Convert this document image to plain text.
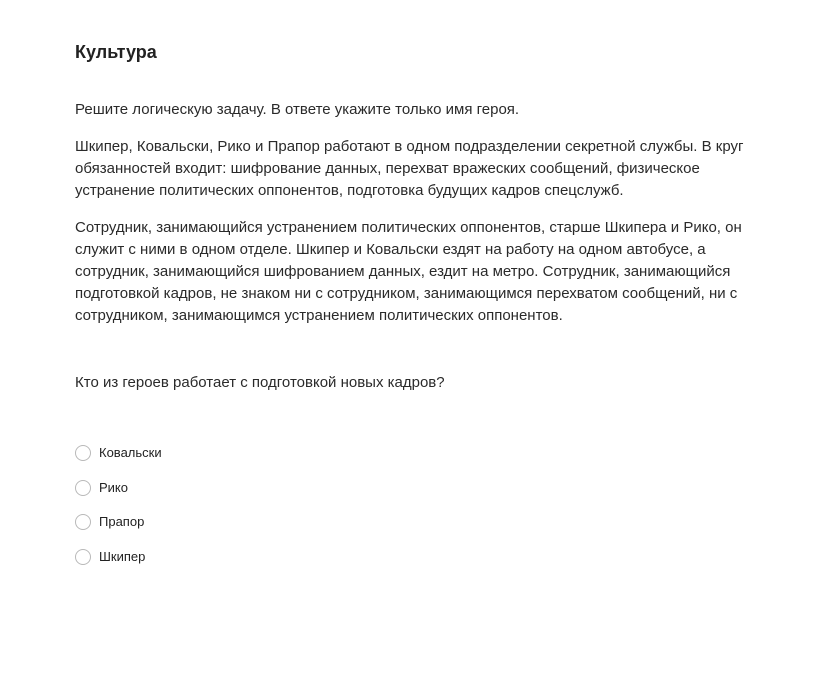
Культура

Решите логическую задачу. В ответе укажите только имя героя.

Шкипер, Ковальски, Рико и Прапор работают в одном подразделении секретной службы. В круг обязанностей входит: шифрование данных, перехват вражеских сообщений, физическое устранение политических оппонентов, подготовка будущих кадров спецслужб.

Сотрудник, занимающийся устранением политических оппонентов, старше Шкипера и Рико, он служит с ними в одном отделе. Шкипер и Ковальски ездят на работу на одном автобусе, а сотрудник, занимающийся шифрованием данных, ездит на метро. Сотрудник, занимающийся подготовкой кадров, не знаком ни с сотрудником, занимающимся перехватом сообщений, ни с сотрудником, занимающимся устранением политических оппонентов.

Кто из героев работает с подготовкой новых кадров?

Ковальски
Рико
Прапор
Шкипер
